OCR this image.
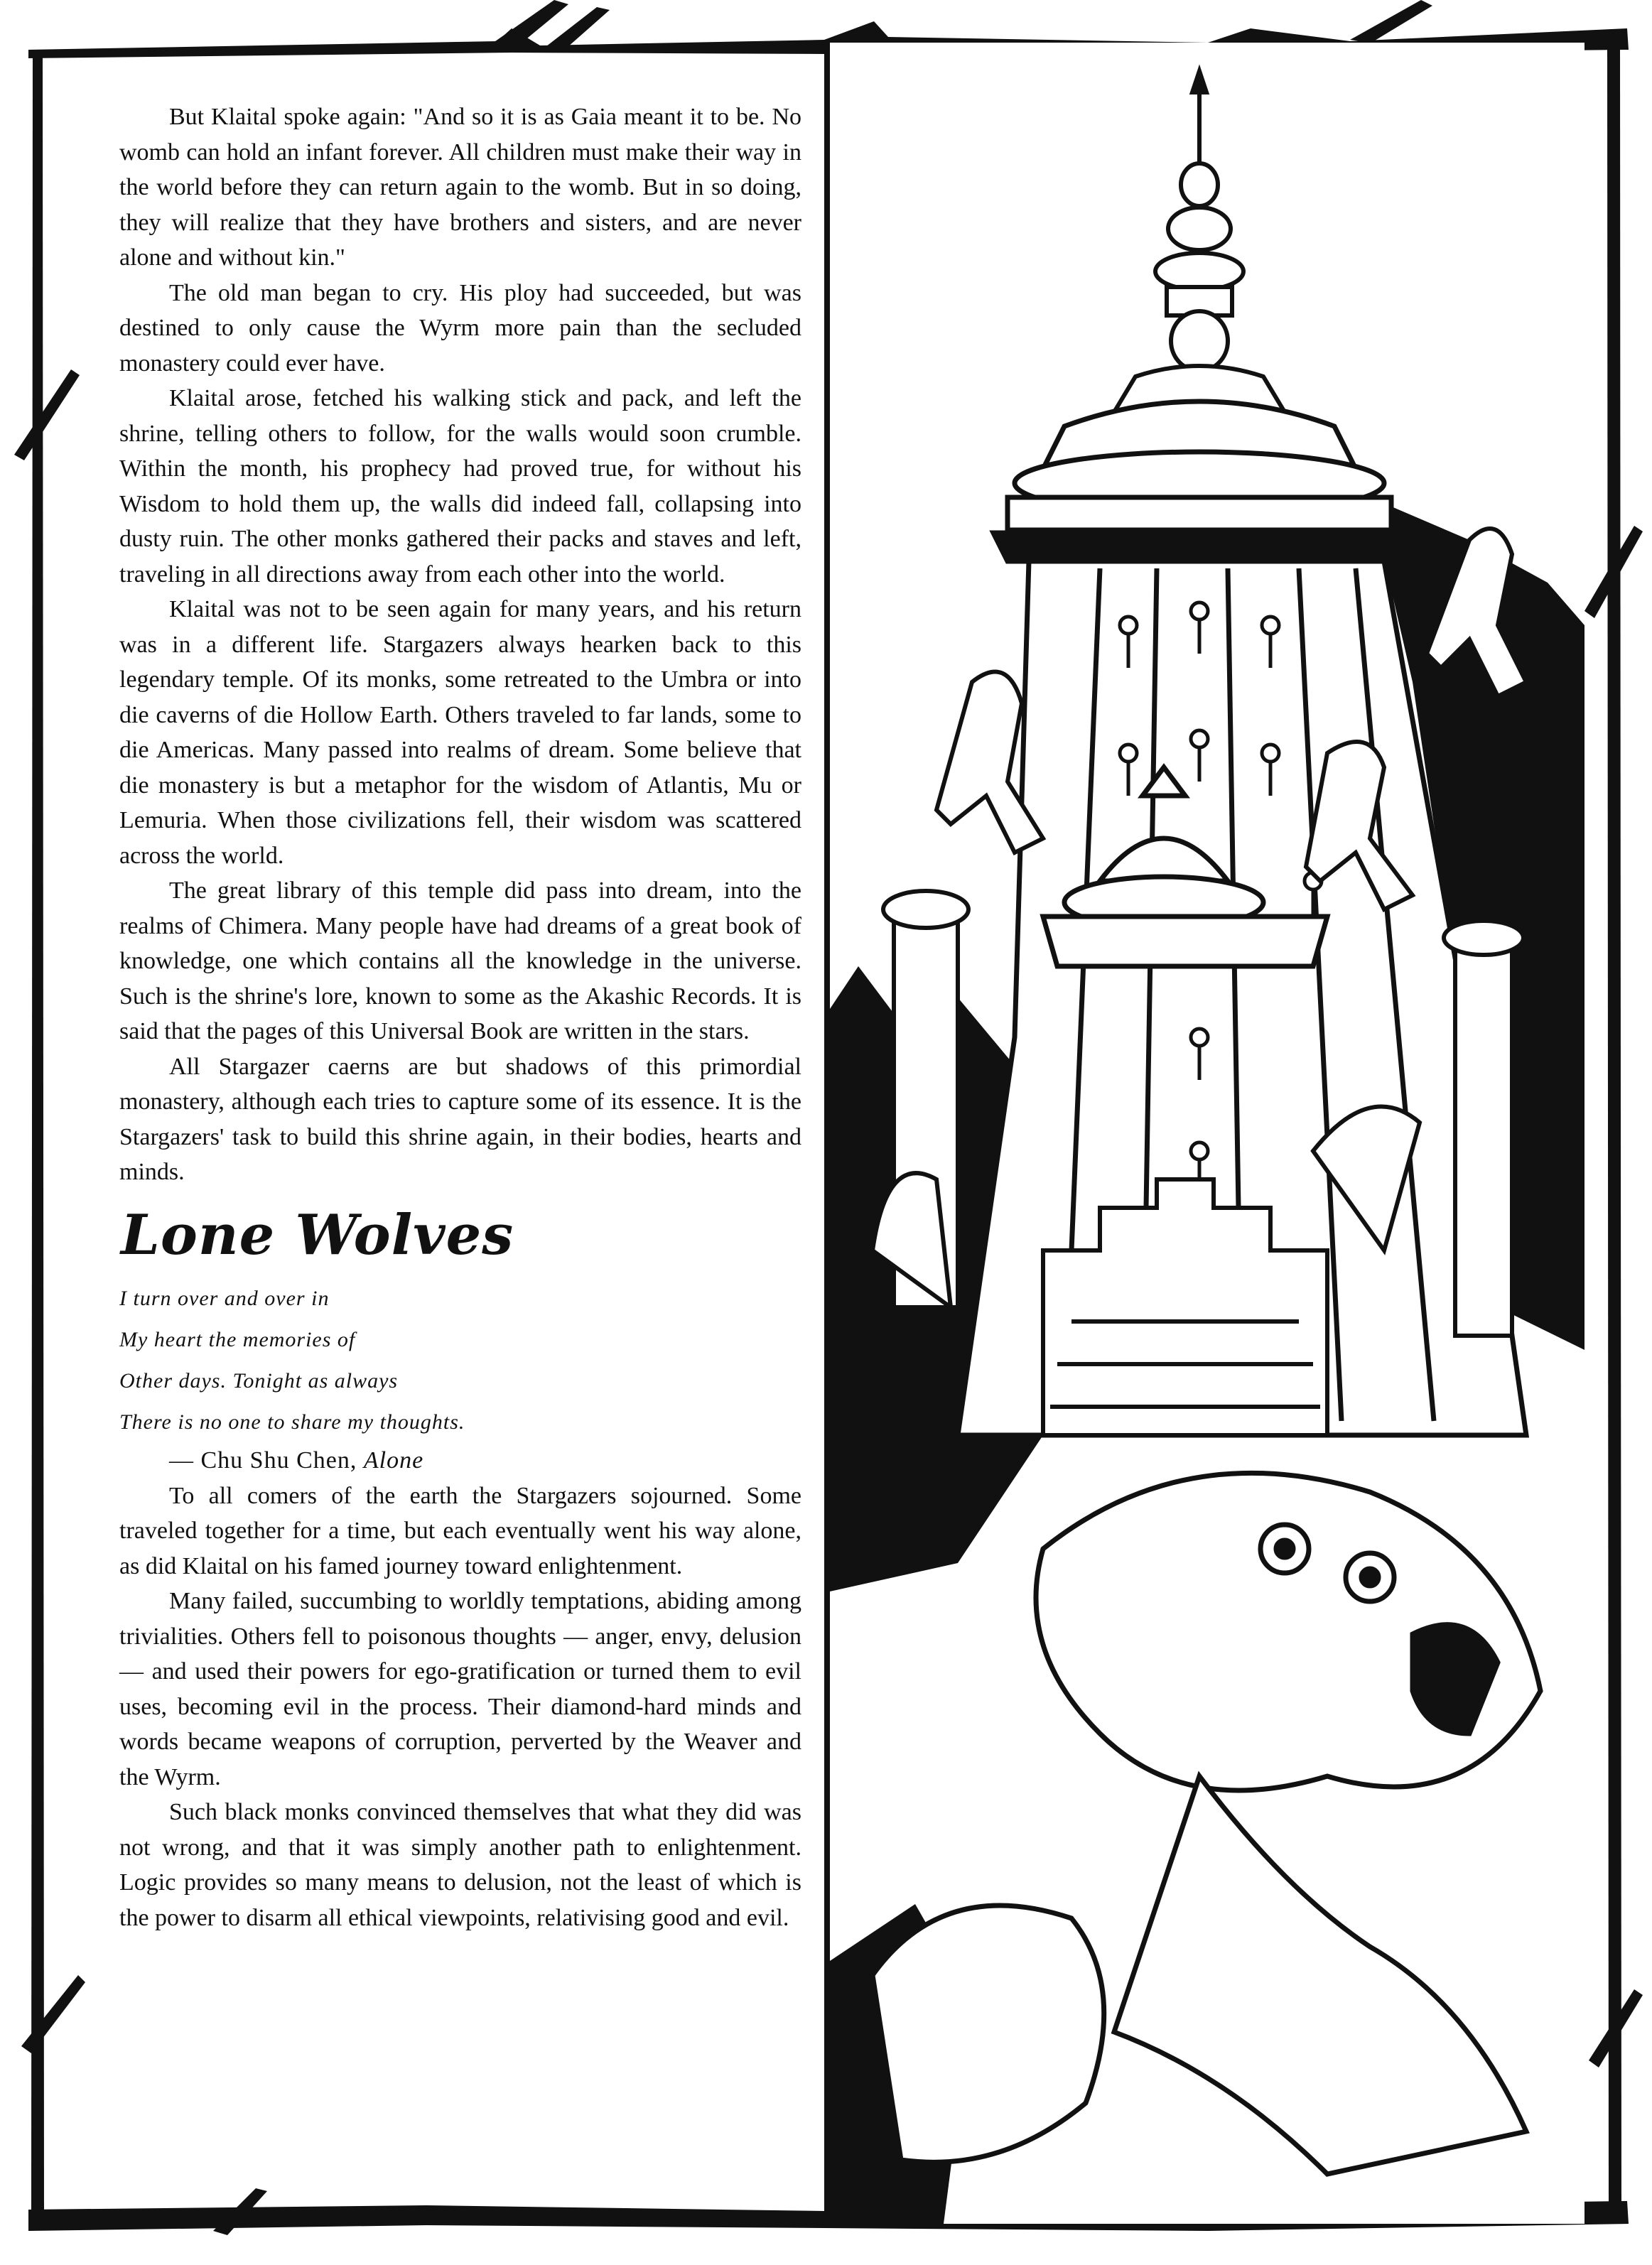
But Klaital spoke again: "And so it is as Gaia meant it to be. No womb can hold an infant forever. All children must make their way in the world before they can return again to the womb. But in so doing, they will realize that they have brothers and sisters, and are never alone and without kin."

The old man began to cry. His ploy had succeeded, but was destined to only cause the Wyrm more pain than the secluded monastery could ever have.

Klaital arose, fetched his walking stick and pack, and left the shrine, telling others to follow, for the walls would soon crumble. Within the month, his prophecy had proved true, for without his Wisdom to hold them up, the walls did indeed fall, collapsing into dusty ruin. The other monks gathered their packs and staves and left, traveling in all directions away from each other into the world.

Klaital was not to be seen again for many years, and his return was in a different life. Stargazers always hearken back to this legendary temple. Of its monks, some retreated to the Umbra or into die caverns of die Hollow Earth. Others traveled to far lands, some to die Americas. Many passed into realms of dream. Some believe that die monastery is but a metaphor for the wisdom of Atlantis, Mu or Lemuria. When those civilizations fell, their wisdom was scattered across the world.

The great library of this temple did pass into dream, into the realms of Chimera. Many people have had dreams of a great book of knowledge, one which contains all the knowledge in the universe. Such is the shrine's lore, known to some as the Akashic Records. It is said that the pages of this Universal Book are written in the stars.

All Stargazer caerns are but shadows of this primordial monastery, although each tries to capture some of its essence. It is the Stargazers' task to build this shrine again, in their bodies, hearts and minds.

Lone Wolves
I turn over and over in
My heart the memories of
Other days. Tonight as always
There is no one to share my thoughts.
— Chu Shu Chen, Alone

To all comers of the earth the Stargazers sojourned. Some traveled together for a time, but each eventually went his way alone, as did Klaital on his famed journey toward enlightenment.

Many failed, succumbing to worldly temptations, abiding among trivialities. Others fell to poisonous thoughts — anger, envy, delusion — and used their powers for ego-gratification or turned them to evil uses, becoming evil in the process. Their diamond-hard minds and words became weapons of corruption, perverted by the Weaver and the Wyrm.

Such black monks convinced themselves that what they did was not wrong, and that it was simply another path to enlightenment. Logic provides so many means to delusion, not the least of which is the power to disarm all ethical viewpoints, relativising good and evil.

SCAR '97
